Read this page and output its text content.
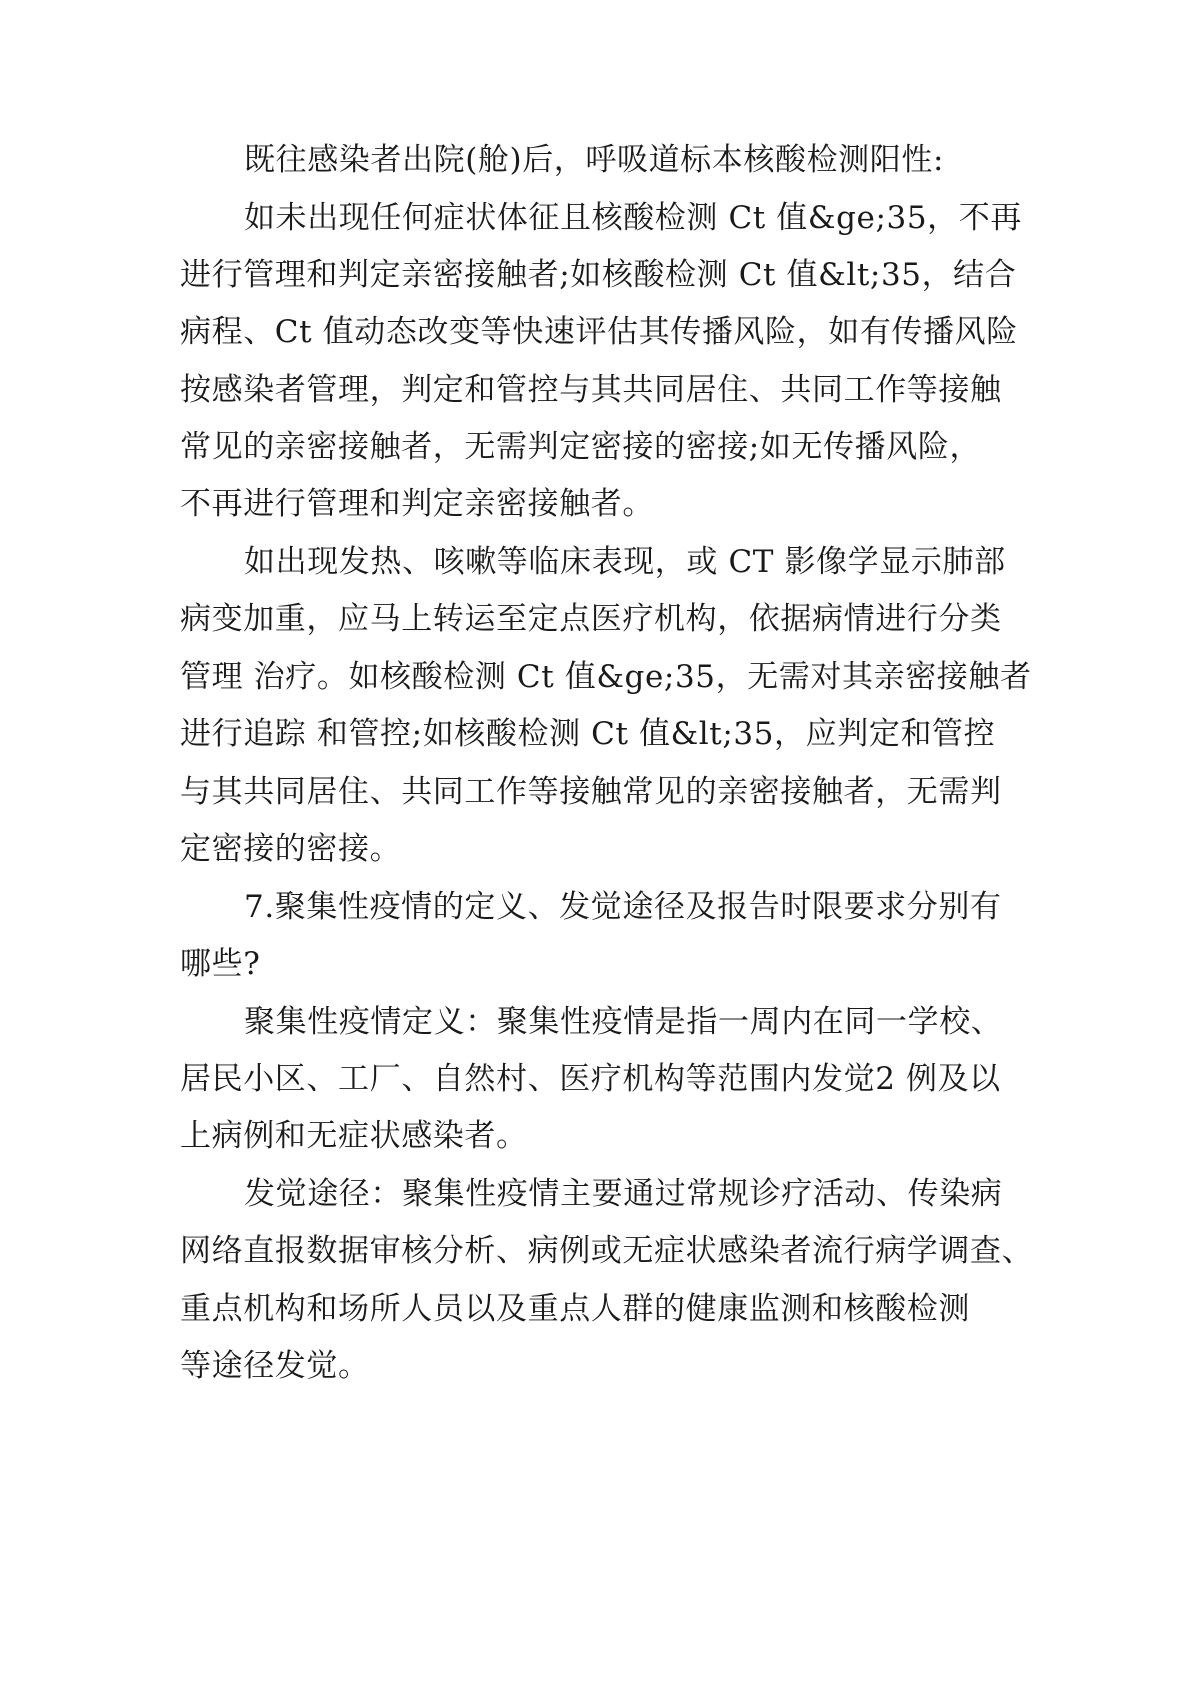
既往感染者出院(舱)后，呼吸道标本核酸检测阳性:

如未出现任何症状体征且核酸检测 Ct 值&ge;35，不再

进行管理和判定亲密接触者;如核酸检测 Ct 值&lt;35，结合

病程、Ct 值动态改变等快速评估其传播风险，如有传播风险

按感染者管理，判定和管控与其共同居住、共同工作等接触

常见的亲密接触者，无需判定密接的密接;如无传播风险，

不再进行管理和判定亲密接触者。

如出现发热、咳嗽等临床表现，或 CT 影像学显示肺部

病变加重，应马上转运至定点医疗机构，依据病情进行分类

管理 治疗。如核酸检测 Ct 值&ge;35，无需对其亲密接触者

进行追踪 和管控;如核酸检测 Ct 值&lt;35，应判定和管控

与其共同居住、共同工作等接触常见的亲密接触者，无需判

定密接的密接。

7.聚集性疫情的定义、发觉途径及报告时限要求分别有

哪些?

聚集性疫情定义：聚集性疫情是指一周内在同一学校、

居民小区、工厂、自然村、医疗机构等范围内发觉2 例及以

上病例和无症状感染者。

发觉途径：聚集性疫情主要通过常规诊疗活动、传染病

网络直报数据审核分析、病例或无症状感染者流行病学调查、

重点机构和场所人员以及重点人群的健康监测和核酸检测

等途径发觉。
